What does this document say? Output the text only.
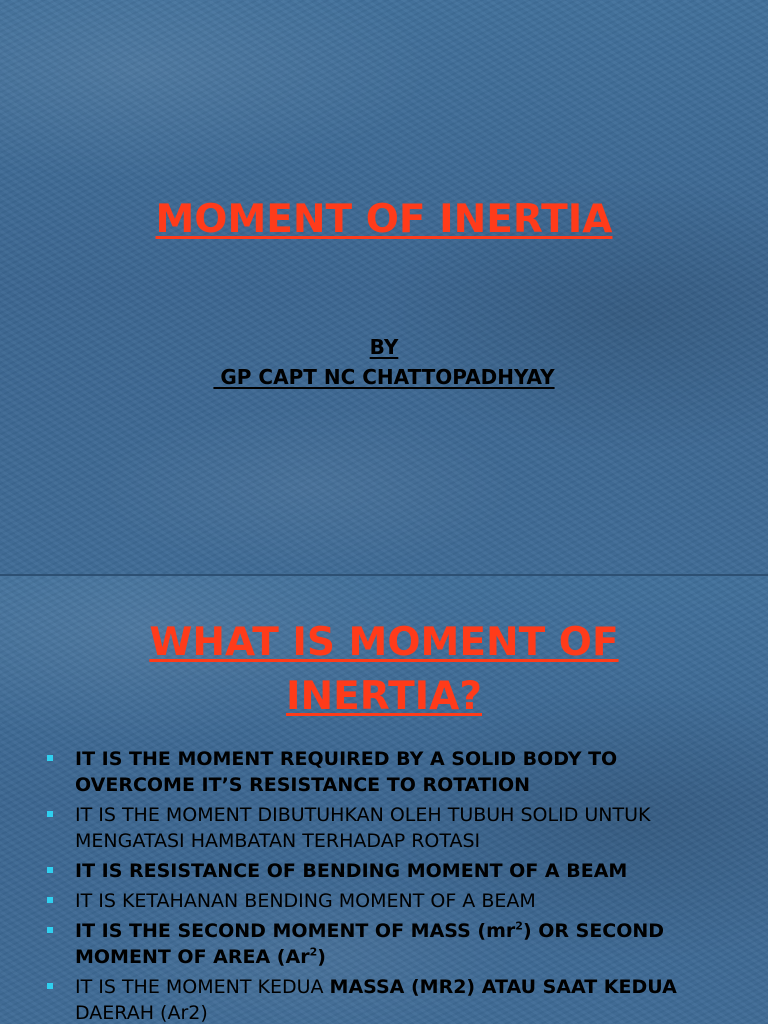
MOMENT OF INERTIA
BY
GP CAPT NC CHATTOPADHYAY
WHAT IS MOMENT OF
INERTIA?
IT IS THE MOMENT REQUIRED BY A SOLID BODY TO
OVERCOME IT’S RESISTANCE TO ROTATION
IT IS THE MOMENT DIBUTUHKAN OLEH TUBUH SOLID UNTUK
MENGATASI HAMBATAN TERHADAP ROTASI
IT IS RESISTANCE OF BENDING MOMENT OF A BEAM
IT IS KETAHANAN BENDING MOMENT OF A BEAM
IT IS THE SECOND MOMENT OF MASS $(mr^2)$ OR SECOND
MOMENT OF AREA (Ar$^2$)
IT IS THE MOMENT KEDUA MASSA (MR2) ATAU SAAT KEDUA
DAERAH (Ar2)
